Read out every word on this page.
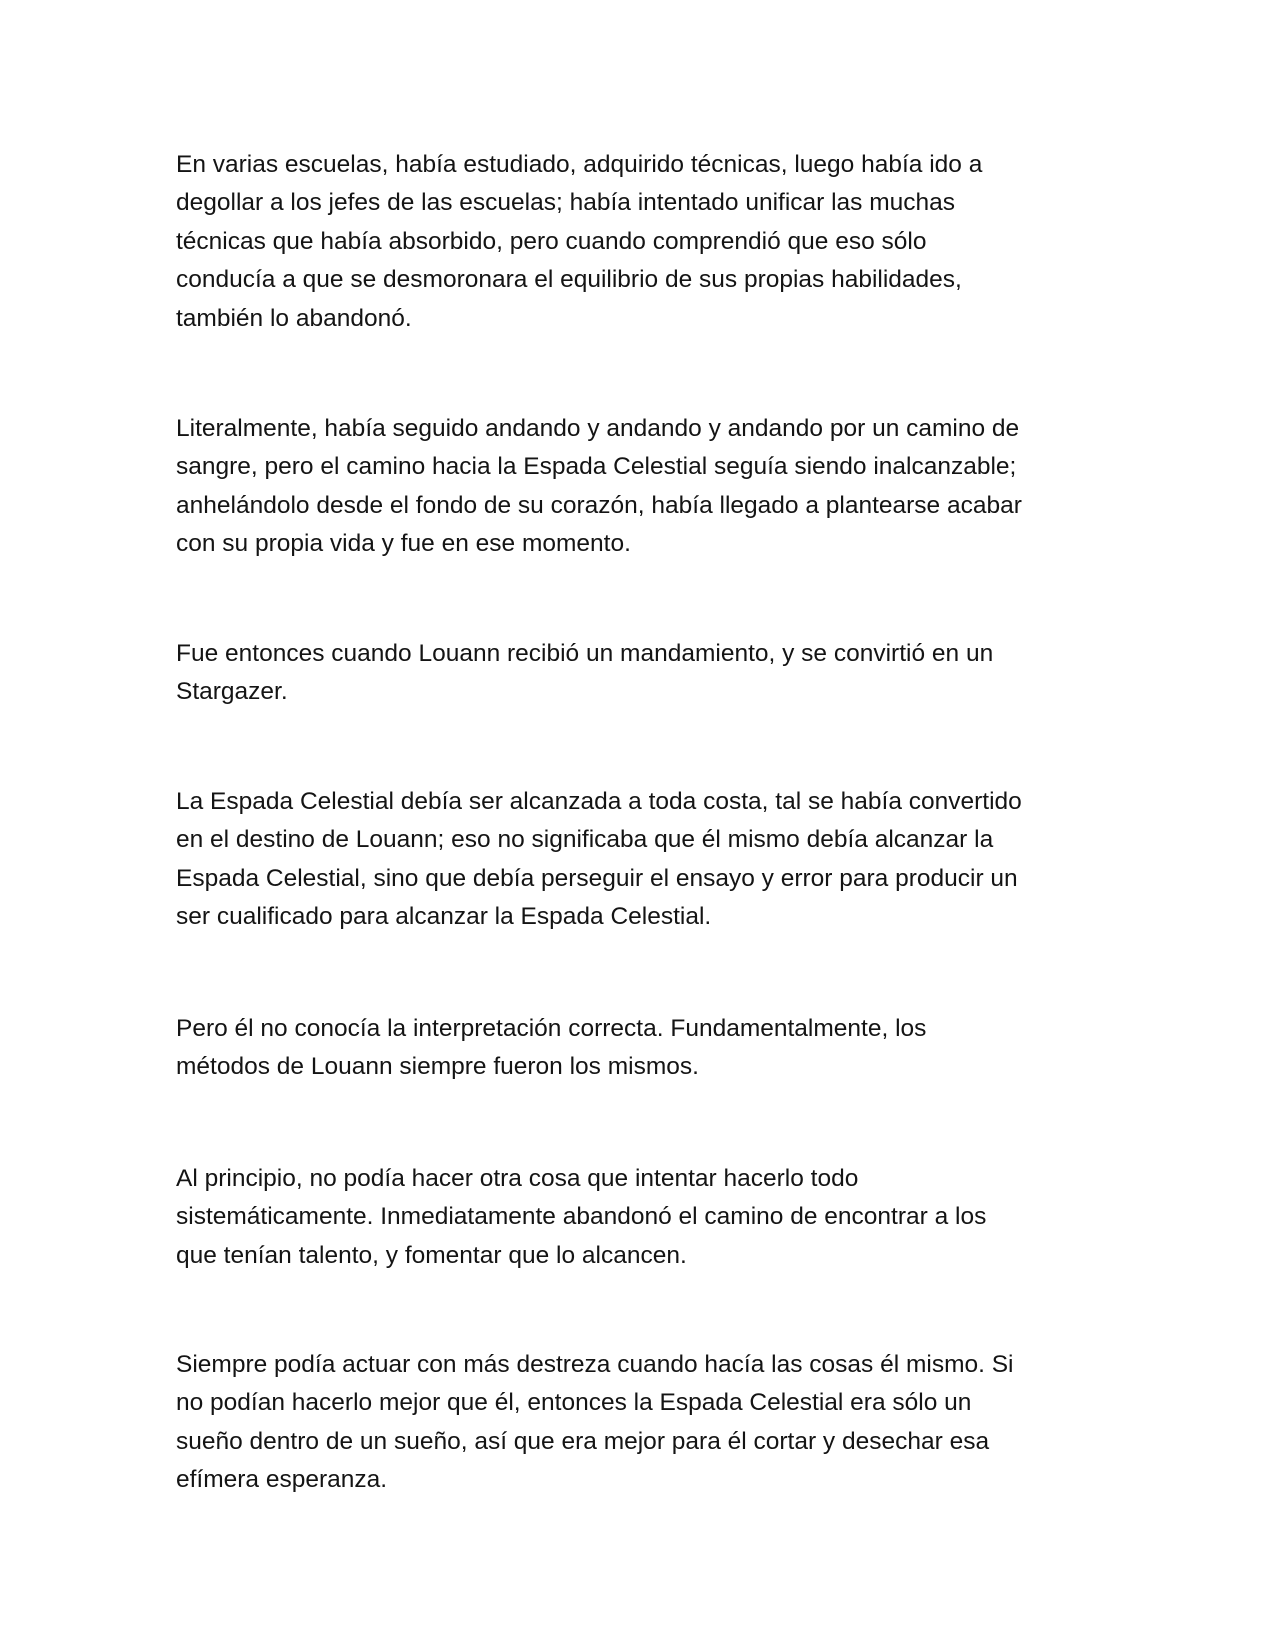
En varias escuelas, había estudiado, adquirido técnicas, luego había ido a
degollar a los jefes de las escuelas; había intentado unificar las muchas
técnicas que había absorbido, pero cuando comprendió que eso sólo
conducía a que se desmoronara el equilibrio de sus propias habilidades,
también lo abandonó.

Literalmente, había seguido andando y andando y andando por un camino de
sangre, pero el camino hacia la Espada Celestial seguía siendo inalcanzable;
anhelándolo desde el fondo de su corazón, había llegado a plantearse acabar
con su propia vida y fue en ese momento.

Fue entonces cuando Louann recibió un mandamiento, y se convirtió en un
Stargazer.

La Espada Celestial debía ser alcanzada a toda costa, tal se había convertido
en el destino de Louann; eso no significaba que él mismo debía alcanzar la
Espada Celestial, sino que debía perseguir el ensayo y error para producir un
ser cualificado para alcanzar la Espada Celestial.

Pero él no conocía la interpretación correcta. Fundamentalmente, los
métodos de Louann siempre fueron los mismos.

Al principio, no podía hacer otra cosa que intentar hacerlo todo
sistemáticamente. Inmediatamente abandonó el camino de encontrar a los
que tenían talento, y fomentar que lo alcancen.

Siempre podía actuar con más destreza cuando hacía las cosas él mismo. Si
no podían hacerlo mejor que él, entonces la Espada Celestial era sólo un
sueño dentro de un sueño, así que era mejor para él cortar y desechar esa
efímera esperanza.
